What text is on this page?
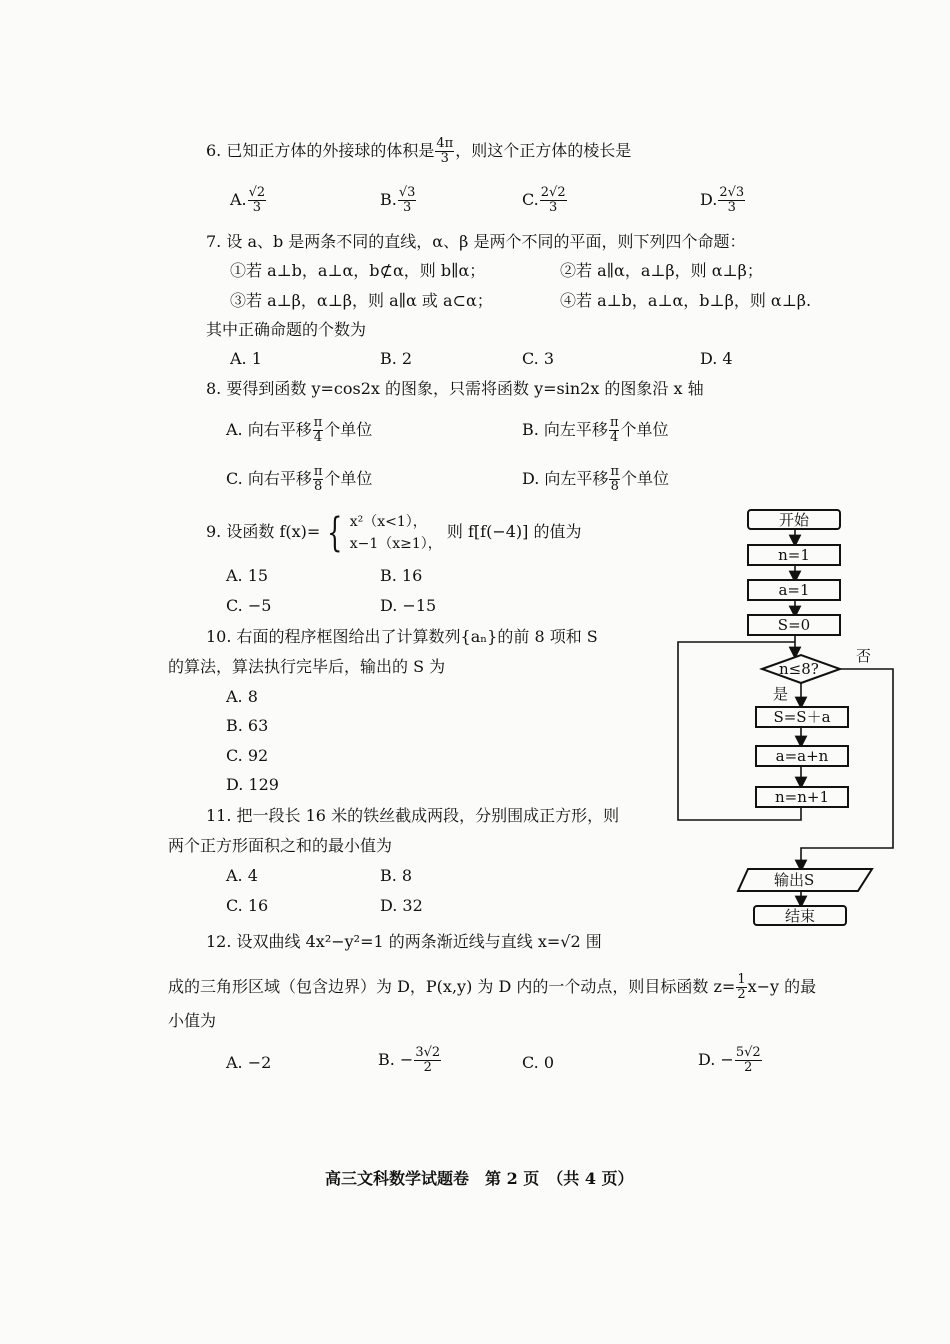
6. 已知正方体的外接球的体积是 $\frac{4\pi}{3}$ ，则这个正方体的棱长是
A. $\frac{√2}{3}$	B. $\frac{√3}{3}$	C. $\frac{2√2}{3}$	D. $\frac{2√3}{3}$
7. 设 a、b 是两条不同的直线，α、β 是两个不同的平面，则下列四个命题：
①若 a⊥b，a⊥α，b⊄α，则 b∥α；	②若 a∥α，a⊥β，则 α⊥β；
③若 a⊥β，α⊥β，则 a∥α 或 a⊂α；	④若 a⊥b，a⊥α，b⊥β，则 α⊥β.
其中正确命题的个数为
A. 1	B. 2	C. 3	D. 4
8. 要得到函数 y=cos2x 的图象，只需将函数 y=sin2x 的图象沿 x 轴
A. 向右平移 $\frac{\pi}{4}$ 个单位	B. 向左平移 $\frac{\pi}{4}$ 个单位
C. 向右平移 $\frac{\pi}{8}$ 个单位	D. 向左平移 $\frac{\pi}{8}$ 个单位
9. 设函数 f(x)= { x²（x<1），
x−1（x≥1），
则 f[f(−4)] 的值为
A. 15	B. 16
C. −5	D. −15
10. 右面的程序框图给出了计算数列{aₙ}的前 8 项和 S
的算法，算法执行完毕后，输出的 S 为
A. 8
B. 63
C. 92
D. 129
11. 把一段长 16 米的铁丝截成两段，分别围成正方形，则
两个正方形面积之和的最小值为
A. 4	B. 8
C. 16	D. 32
12. 设双曲线 4x²−y²=1 的两条渐近线与直线 x=√2 围
成的三角形区域（包含边界）为 D，P(x,y) 为 D 内的一个动点，则目标函数 $z= \frac{1}{2} x-y$ 的最
小值为
A. −2	B. − $\frac{3√2}{2}$	C. 0	D. − $\frac{5√2}{2}$
开始
n=1
a=1
S=0
n≤8?
是
否
S=S＋a
a=a+n
n=n+1
输出S
结束
高三文科数学试题卷　第 2 页　（共 4 页）
